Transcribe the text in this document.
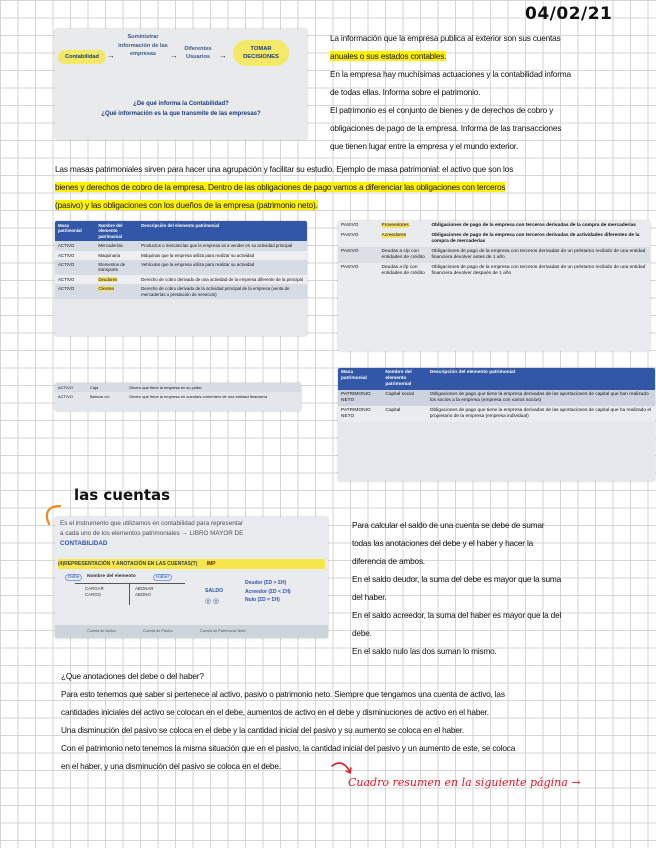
04/02/21
Contabilidad	→
Suministrar información de las empresas	→
Diferentes Usuarios	→
TOMAR DECISIONES
¿De qué informa la Contabilidad?
¿Qué información es la que transmite de las empresas?
La información que la empresa publica al exterior son sus cuentas
anuales o sus estados contables.
En la empresa hay muchísimas actuaciones y la contabilidad informa
de todas ellas. Informa sobre el patrimonio.
El patrimonio es el conjunto de bienes y de derechos de cobro y
obligaciones de pago de la empresa. Informa de las transacciones
que tienen lugar entre la empresa y el mundo exterior.
Las masas patrimoniales sirven para hacer una agrupación y facilitar su estudio. Ejemplo de masa patrimonial: el activo que son los
bienes y derechos de cobro de la empresa. Dentro de las obligaciones de pago vamos a diferenciar las obligaciones con terceros
(pasivo) y las obligaciones con los dueños de la empresa (patrimonio neto).
Masa patrimonial	Nombre del elemento patrimonial	Descripción del elemento patrimonial
ACTIVO	Mercaderías	Productos o mercancías que la empresa va a vender en su actividad principal
ACTIVO	Maquinaria	Máquinas que la empresa utiliza para realizar su actividad
ACTIVO	Elementos de transporte	Vehículos que la empresa utiliza para realizar su actividad
ACTIVO	Deudores	Derecho de cobro derivado de una actividad de la empresa diferente de la principal
ACTIVO	Clientes	Derecho de cobro derivado de la actividad principal de la empresa (venta de mercaderías o prestación de servicios)
PASIVO	Proveedores	Obligaciones de pago de la empresa con terceros derivadas de la compra de mercaderías
PASIVO	Acreedores	Obligaciones de pago de la empresa con terceros derivadas de actividades diferentes de la compra de mercaderías
PASIVO	Deudas a c/p con entidades de crédito	Obligaciones de pago de la empresa con terceros derivadas de un préstamo recibido de una entidad financiera devolver antes de 1 año
PASIVO	Deudas a l/p con entidades de crédito	Obligaciones de pago de la empresa con terceros derivadas de un préstamo recibido de una entidad financiera devolver después de 1 año
ACTIVO	Caja	Dinero que tiene la empresa en su poder
ACTIVO	Bancos c/c	Dinero que tiene la empresa en cuenta/s corriente/s de una entidad financiera
Masa patrimonial	Nombre del elemento patrimonial	Descripción del elemento patrimonial
PATRIMONIO NETO	Capital social	Obligaciones de pago que tiene la empresa derivadas de las aportaciones de capital que han realizado los socios a la empresa (empresa con varios socios)
PATRIMONIO NETO	Capital	Obligaciones de pago que tiene la empresa derivadas de las aportaciones de capital que ha realizado el propietario de la empresa (empresa individual)
las cuentas
Es el instrumento que utilizamos en contabilidad para representar
a cada uno de los elementos patrimoniales → LIBRO MAYOR DE
CONTABILIDAD
(4)REPRESENTACIÓN Y ANOTACIÓN EN LAS CUENTAS(T) IMP
Debe	Nombre del elemento	Haber
CARGAR
CARGO
ABONAR
ABONO
SALDO
◎ ◎
Deudor (ΣD > ΣH)
Acreedor (ΣD < ΣH)
Nulo (ΣD = ΣH)
Cuenta de Activo	Cuenta de Pasivo	Cuenta de Patrimonio Neto
Para calcular el saldo de una cuenta se debe de sumar
todas las anotaciones del debe y el haber y hacer la
diferencia de ambos.
En el saldo deudor, la suma del debe es mayor que la suma
del haber.
En el saldo acreedor, la suma del haber es mayor que la del
debe.
En el saldo nulo las dos suman lo mismo.
¿Que anotaciones del debe o del haber?
Para esto tenemos que saber si pertenece al activo, pasivo o patrimonio neto. Siempre que tengamos una cuenta de activo, las
cantidades iniciales del activo se colocan en el debe, aumentos de activo en el debe y disminuciones de activo en el haber.
Una disminución del pasivo se coloca en el debe y la cantidad inicial del pasivo y su aumento se coloca en el haber.
Con el patrimonio neto tenemos la misma situación que en el pasivo, la cantidad inicial del pasivo y un aumento de este, se coloca
en el haber, y una disminución del pasivo se coloca en el debe.
Cuadro resumen en la siguiente página →
